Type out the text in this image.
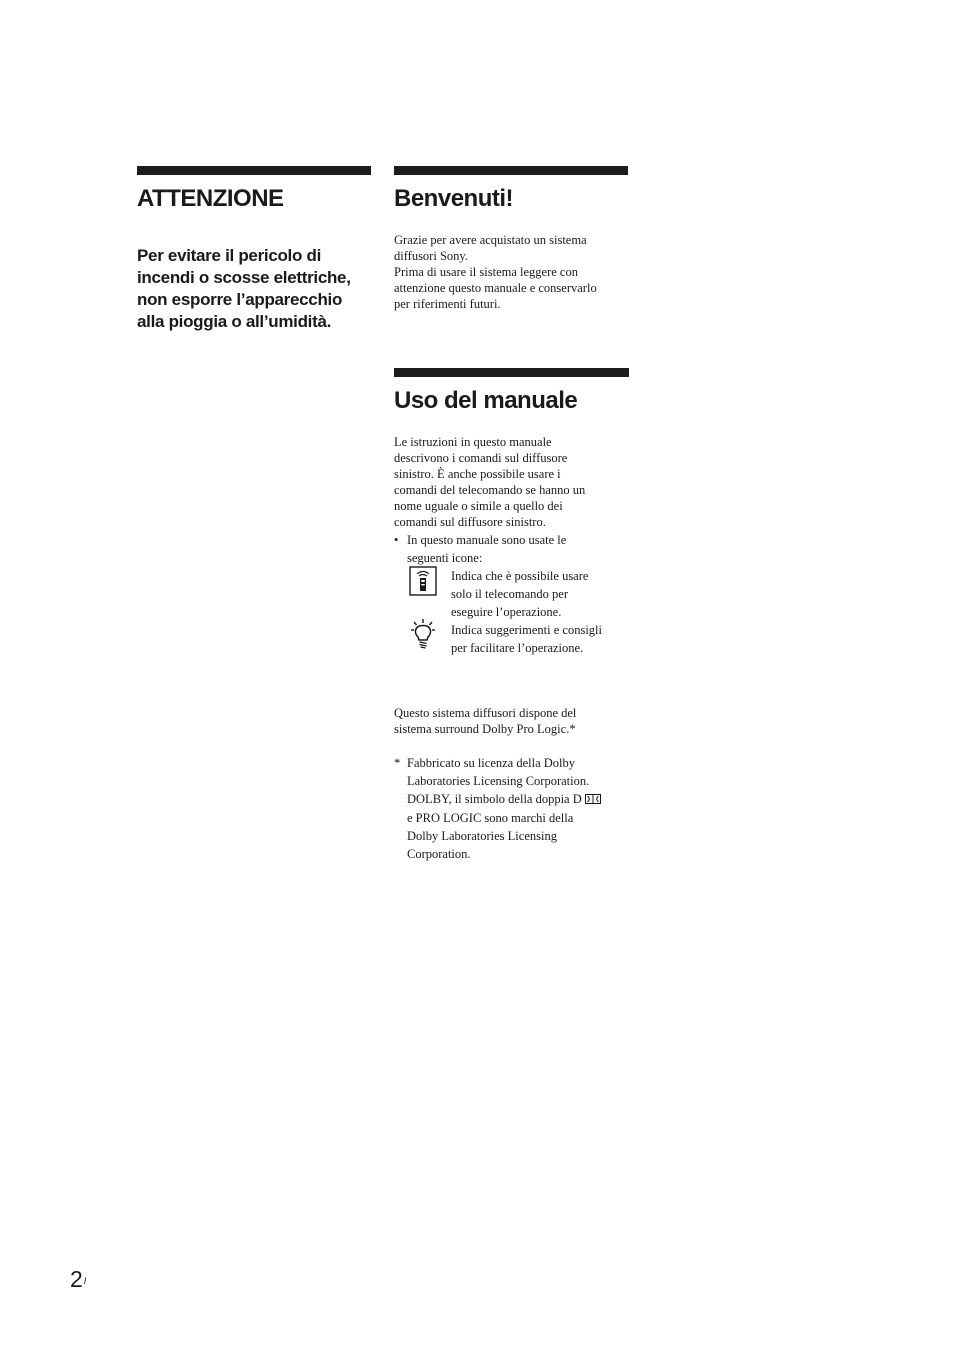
ATTENZIONE

Per evitare il pericolo di

incendi o scosse elettriche,

non esporre l’apparecchio

alla pioggia o all’umidità.

Benvenuti!

Grazie per avere acquistato un sistema

diffusori Sony.

Prima di usare il sistema leggere con

attenzione questo manuale e conservarlo

per riferimenti futuri.

Uso del manuale

Le istruzioni in questo manuale

descrivono i comandi sul diffusore

sinistro. È anche possibile usare i

comandi del telecomando se hanno un

nome uguale o simile a quello dei

comandi sul diffusore sinistro.

• In questo manuale sono usate le

seguenti icone:

Indica che è possibile usare

solo il telecomando per

eseguire l’operazione.

Indica suggerimenti e consigli

per facilitare l’operazione.

Questo sistema diffusori dispone del

sistema surround Dolby Pro Logic.*

* Fabbricato su licenza della Dolby

Laboratories Licensing Corporation.

DOLBY, il simbolo della doppia D

e PRO LOGIC sono marchi della

Dolby Laboratories Licensing

Corporation.

$2^I$
